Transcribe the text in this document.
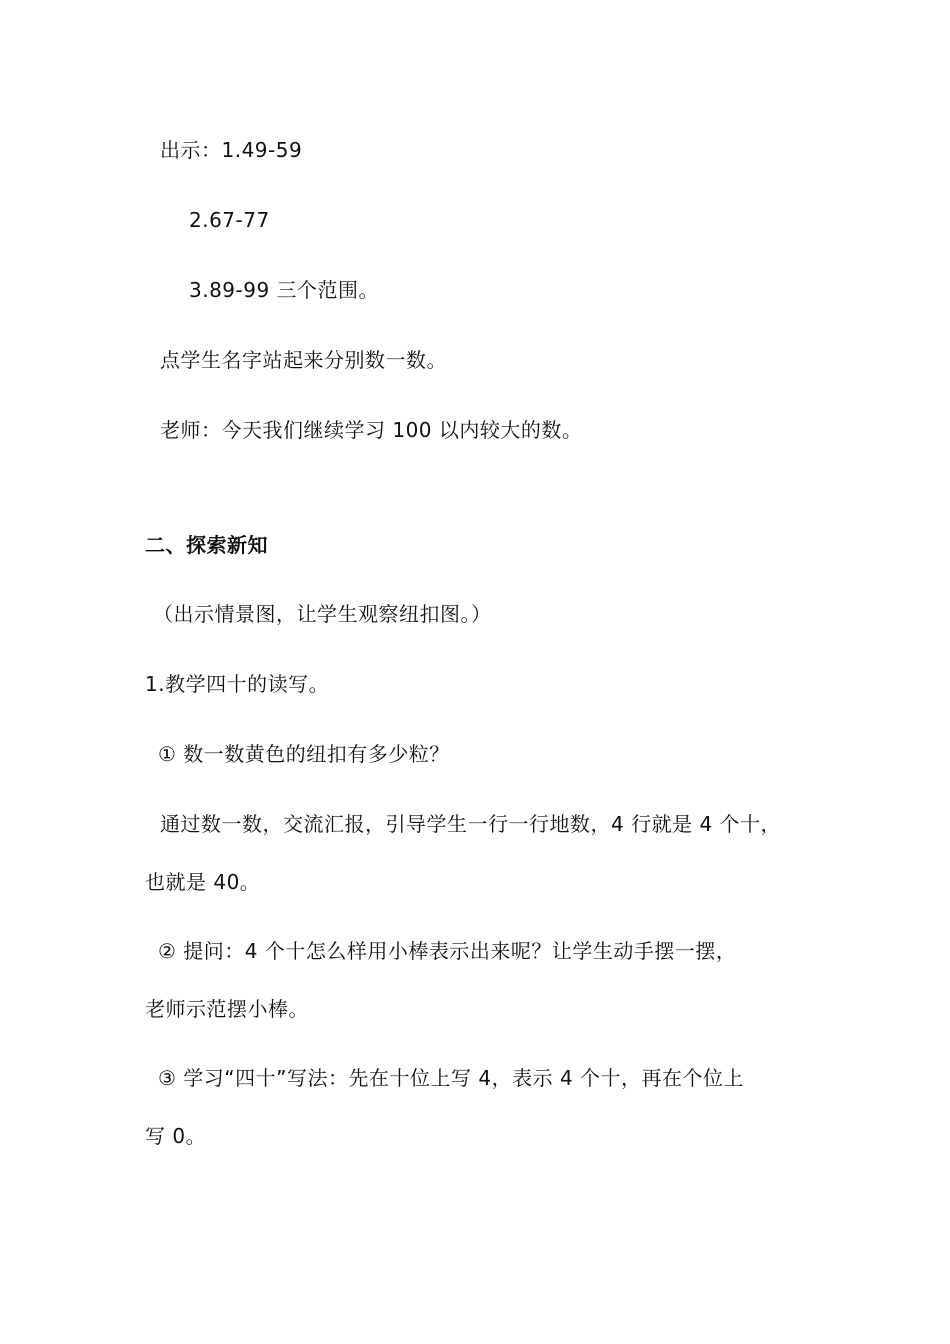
出示：1.49-59
2.67-77
3.89-99 三个范围。
点学生名字站起来分别数一数。
老师：今天我们继续学习 100 以内较大的数。
二、探索新知
（出示情景图，让学生观察纽扣图。）
1.教学四十的读写。
① 数一数黄色的纽扣有多少粒？
通过数一数，交流汇报，引导学生一行一行地数，4 行就是 4 个十，
也就是 40。
② 提问：4 个十怎么样用小棒表示出来呢？让学生动手摆一摆，
老师示范摆小棒。
③ 学习“四十”写法：先在十位上写 4，表示 4 个十，再在个位上
写 0。
